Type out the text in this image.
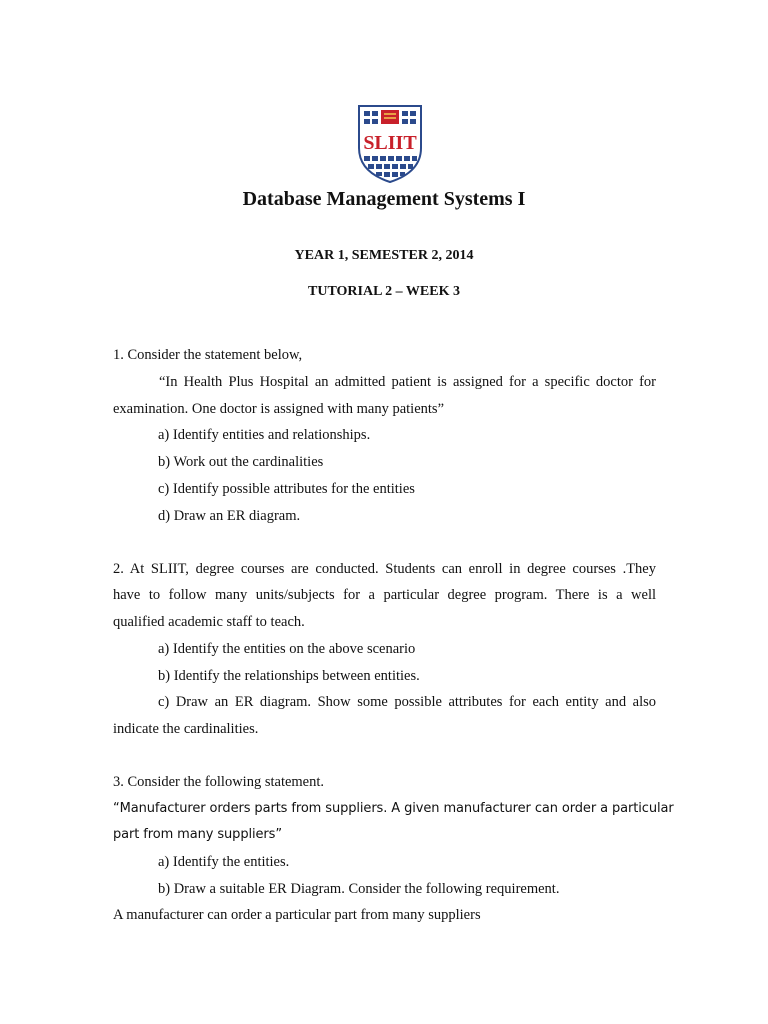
SLIIT
Database Management Systems I
YEAR 1, SEMESTER 2, 2014
TUTORIAL 2 – WEEK 3
1. Consider the statement below,
“In Health Plus Hospital an admitted patient is assigned for a specific doctor for
examination. One doctor is assigned with many patients”
a) Identify entities and relationships.
b) Work out the cardinalities
c) Identify possible attributes for the entities
d) Draw an ER diagram.
2. At SLIIT, degree courses are conducted. Students can enroll in degree courses .They
have to follow many units/subjects for a particular degree program. There is a well
qualified academic staff to teach.
a) Identify the entities on the above scenario
b) Identify the relationships between entities.
c) Draw an ER diagram. Show some possible attributes for each entity and also
indicate the cardinalities.
3. Consider the following statement.
“Manufacturer orders parts from suppliers. A given manufacturer can order a particular
part from many suppliers”
a) Identify the entities.
b) Draw a suitable ER Diagram. Consider the following requirement.
A manufacturer can order a particular part from many suppliers
